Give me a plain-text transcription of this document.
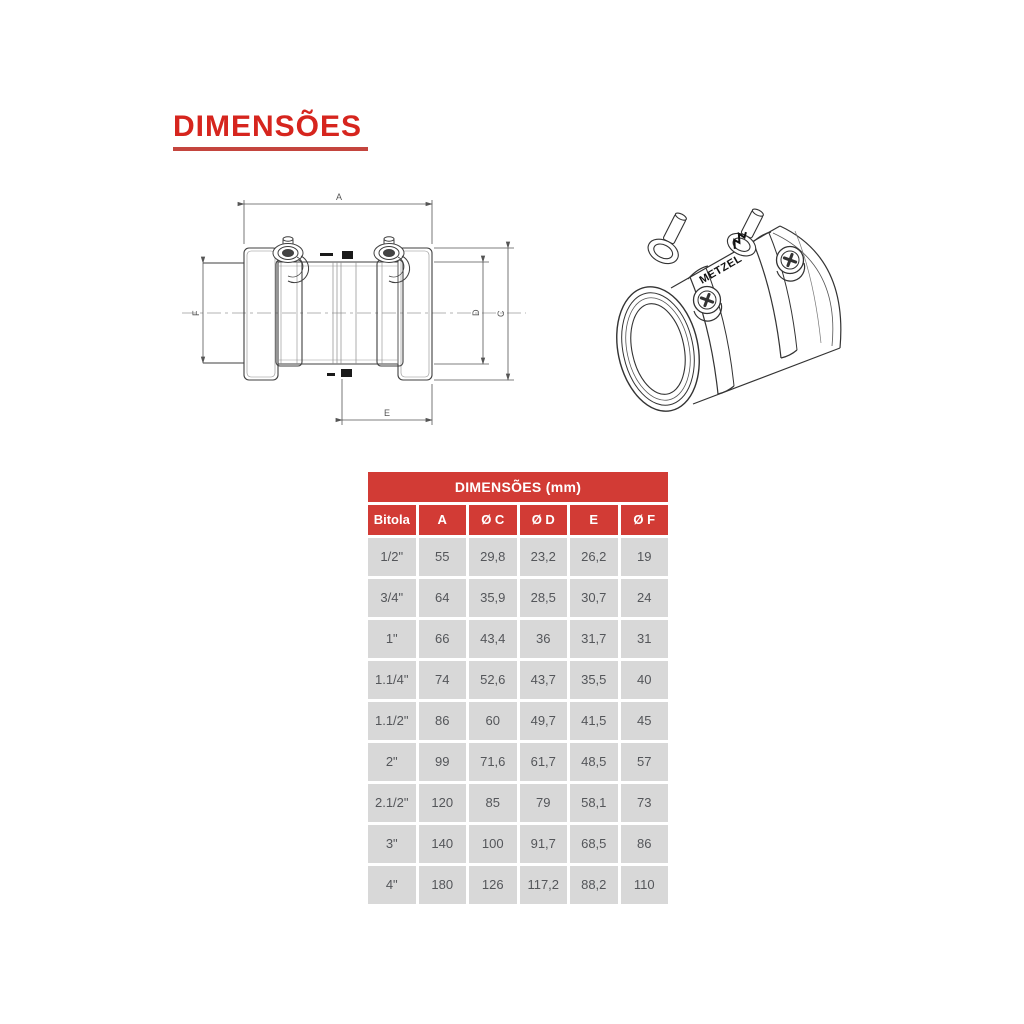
DIMENSÕES
A
F	D C
E
METZEL
DIMENSÕES (mm)
Bitola	A	Ø C	Ø D	E	Ø F
1/2"	55	29,8	23,2	26,2	19
3/4"	64	35,9	28,5	30,7	24
1"	66	43,4	36	31,7	31
1.1/4"	74	52,6	43,7	35,5	40
1.1/2"	86	60	49,7	41,5	45
2"	99	71,6	61,7	48,5	57
2.1/2"	120	85	79	58,1	73
3"	140	100	91,7	68,5	86
4"	180	126	117,2	88,2	110
